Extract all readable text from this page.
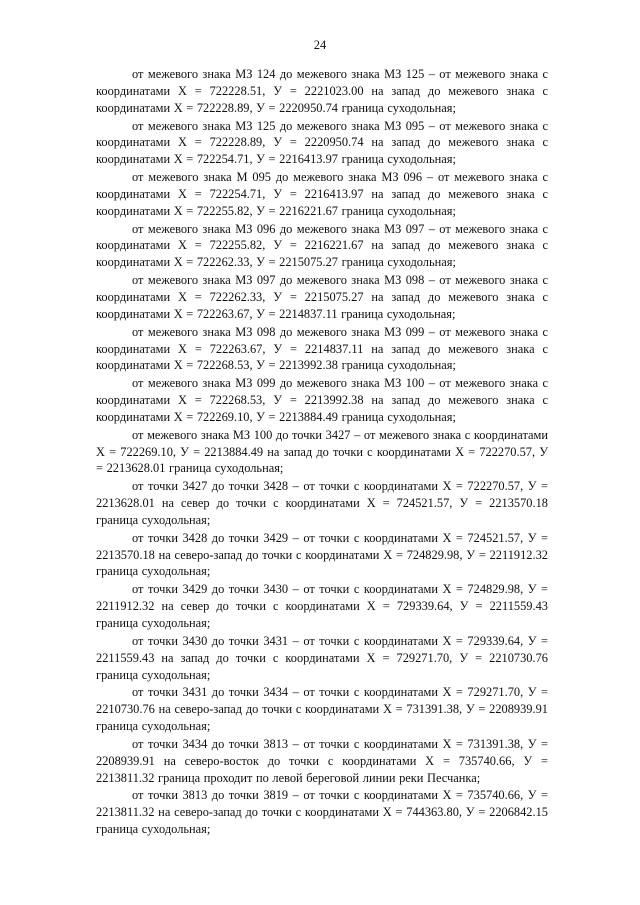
24

от межевого знака МЗ 124 до межевого знака МЗ 125 – от межевого знака с координатами X = 722228.51, У = 2221023.00 на запад до межевого знака с координатами X = 722228.89, У = 2220950.74 граница суходольная;

от межевого знака МЗ 125 до межевого знака МЗ 095 – от межевого знака с координатами X = 722228.89, У = 2220950.74 на запад до межевого знака с координатами X = 722254.71, У = 2216413.97 граница суходольная;

от межевого знака М 095 до межевого знака МЗ 096 – от межевого знака с координатами X = 722254.71, У = 2216413.97 на запад до межевого знака с координатами X = 722255.82, У = 2216221.67 граница суходольная;

от межевого знака МЗ 096 до межевого знака МЗ 097 – от межевого знака с координатами X = 722255.82, У = 2216221.67 на запад до межевого знака с координатами X = 722262.33, У = 2215075.27 граница суходольная;

от межевого знака МЗ 097 до межевого знака МЗ 098 – от межевого знака с координатами X = 722262.33, У = 2215075.27 на запад до межевого знака с координатами X = 722263.67, У = 2214837.11 граница суходольная;

от межевого знака МЗ 098 до межевого знака МЗ 099 – от межевого знака с координатами X = 722263.67, У = 2214837.11 на запад до межевого знака с координатами X = 722268.53, У = 2213992.38 граница суходольная;

от межевого знака МЗ 099 до межевого знака МЗ 100 – от межевого знака с координатами X = 722268.53, У = 2213992.38 на запад до межевого знака с координатами X = 722269.10, У = 2213884.49 граница суходольная;

от межевого знака МЗ 100 до точки 3427 – от межевого знака с координатами X = 722269.10, У = 2213884.49 на запад до точки с координатами X = 722270.57, У = 2213628.01 граница суходольная;

от точки 3427 до точки 3428 – от точки с координатами X = 722270.57, У = 2213628.01 на север до точки с координатами X = 724521.57, У = 2213570.18 граница суходольная;

от точки 3428 до точки 3429 – от точки с координатами X = 724521.57, У = 2213570.18 на северо-запад до точки с координатами X = 724829.98, У = 2211912.32 граница суходольная;

от точки 3429 до точки 3430 – от точки с координатами X = 724829.98, У = 2211912.32 на север до точки с координатами X = 729339.64, У = 2211559.43 граница суходольная;

от точки 3430 до точки 3431 – от точки с координатами X = 729339.64, У = 2211559.43 на запад до точки с координатами X = 729271.70, У = 2210730.76 граница суходольная;

от точки 3431 до точки 3434 – от точки с координатами X = 729271.70, У = 2210730.76 на северо-запад до точки с координатами X = 731391.38, У = 2208939.91 граница суходольная;

от точки 3434 до точки 3813 – от точки с координатами X = 731391.38, У = 2208939.91 на северо-восток до точки с координатами X = 735740.66, У = 2213811.32 граница проходит по левой береговой линии реки Песчанка;

от точки 3813 до точки 3819 – от точки с координатами X = 735740.66, У = 2213811.32 на северо-запад до точки с координатами X = 744363.80, У = 2206842.15 граница суходольная;
